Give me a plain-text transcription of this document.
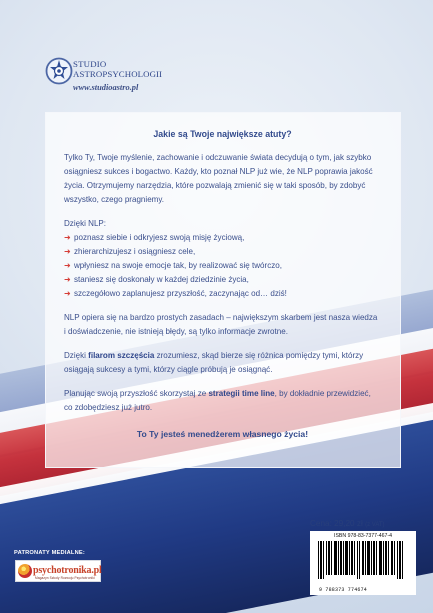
STUDIO
ASTROPSYCHOLOGII
www.studioastro.pl
Jakie są Twoje największe atuty?

Tylko Ty, Twoje myślenie, zachowanie i odczuwanie świata decydują o tym, jak szybko osiągniesz sukces i bogactwo. Każdy, kto poznał NLP już wie, że NLP poprawia jakość życia. Otrzymujemy narzędzia, które pozwalają zmienić się w taki sposób, by zdobyć wszystko, czego pragniemy.

Dzięki NLP:
➜ poznasz siebie i odkryjesz swoją misję życiową,
➜ zhierarchizujesz i osiągniesz cele,
➜ wpłyniesz na swoje emocje tak, by realizować się twórczo,
➜ staniesz się doskonały w każdej dziedzinie życia,
➜ szczegółowo zaplanujesz przyszłość, zaczynając od… dziś!

NLP opiera się na bardzo prostych zasadach – największym skarbem jest nasza wiedza i doświadczenie, nie istnieją błędy, są tylko informacje zwrotne.

Dzięki filarom szczęścia zrozumiesz, skąd bierze się różnica pomiędzy tymi, którzy osiągają sukcesy a tymi, którzy ciągle próbują je osiągnąć.

Planując swoją przyszłość skorzystaj ze strategii time line, by dokładnie przewidzieć, co zdobędziesz już jutro.

To Ty jesteś menedżerem własnego życia!
Cena: 29,20 zł (z VAT)
ISBN 978-83-7377-467-4
9 788373 774674
PATRONATY MEDIALNE:
psychotronika.pl
Magazyn Szkoły Rozwoju Psychotroniki
